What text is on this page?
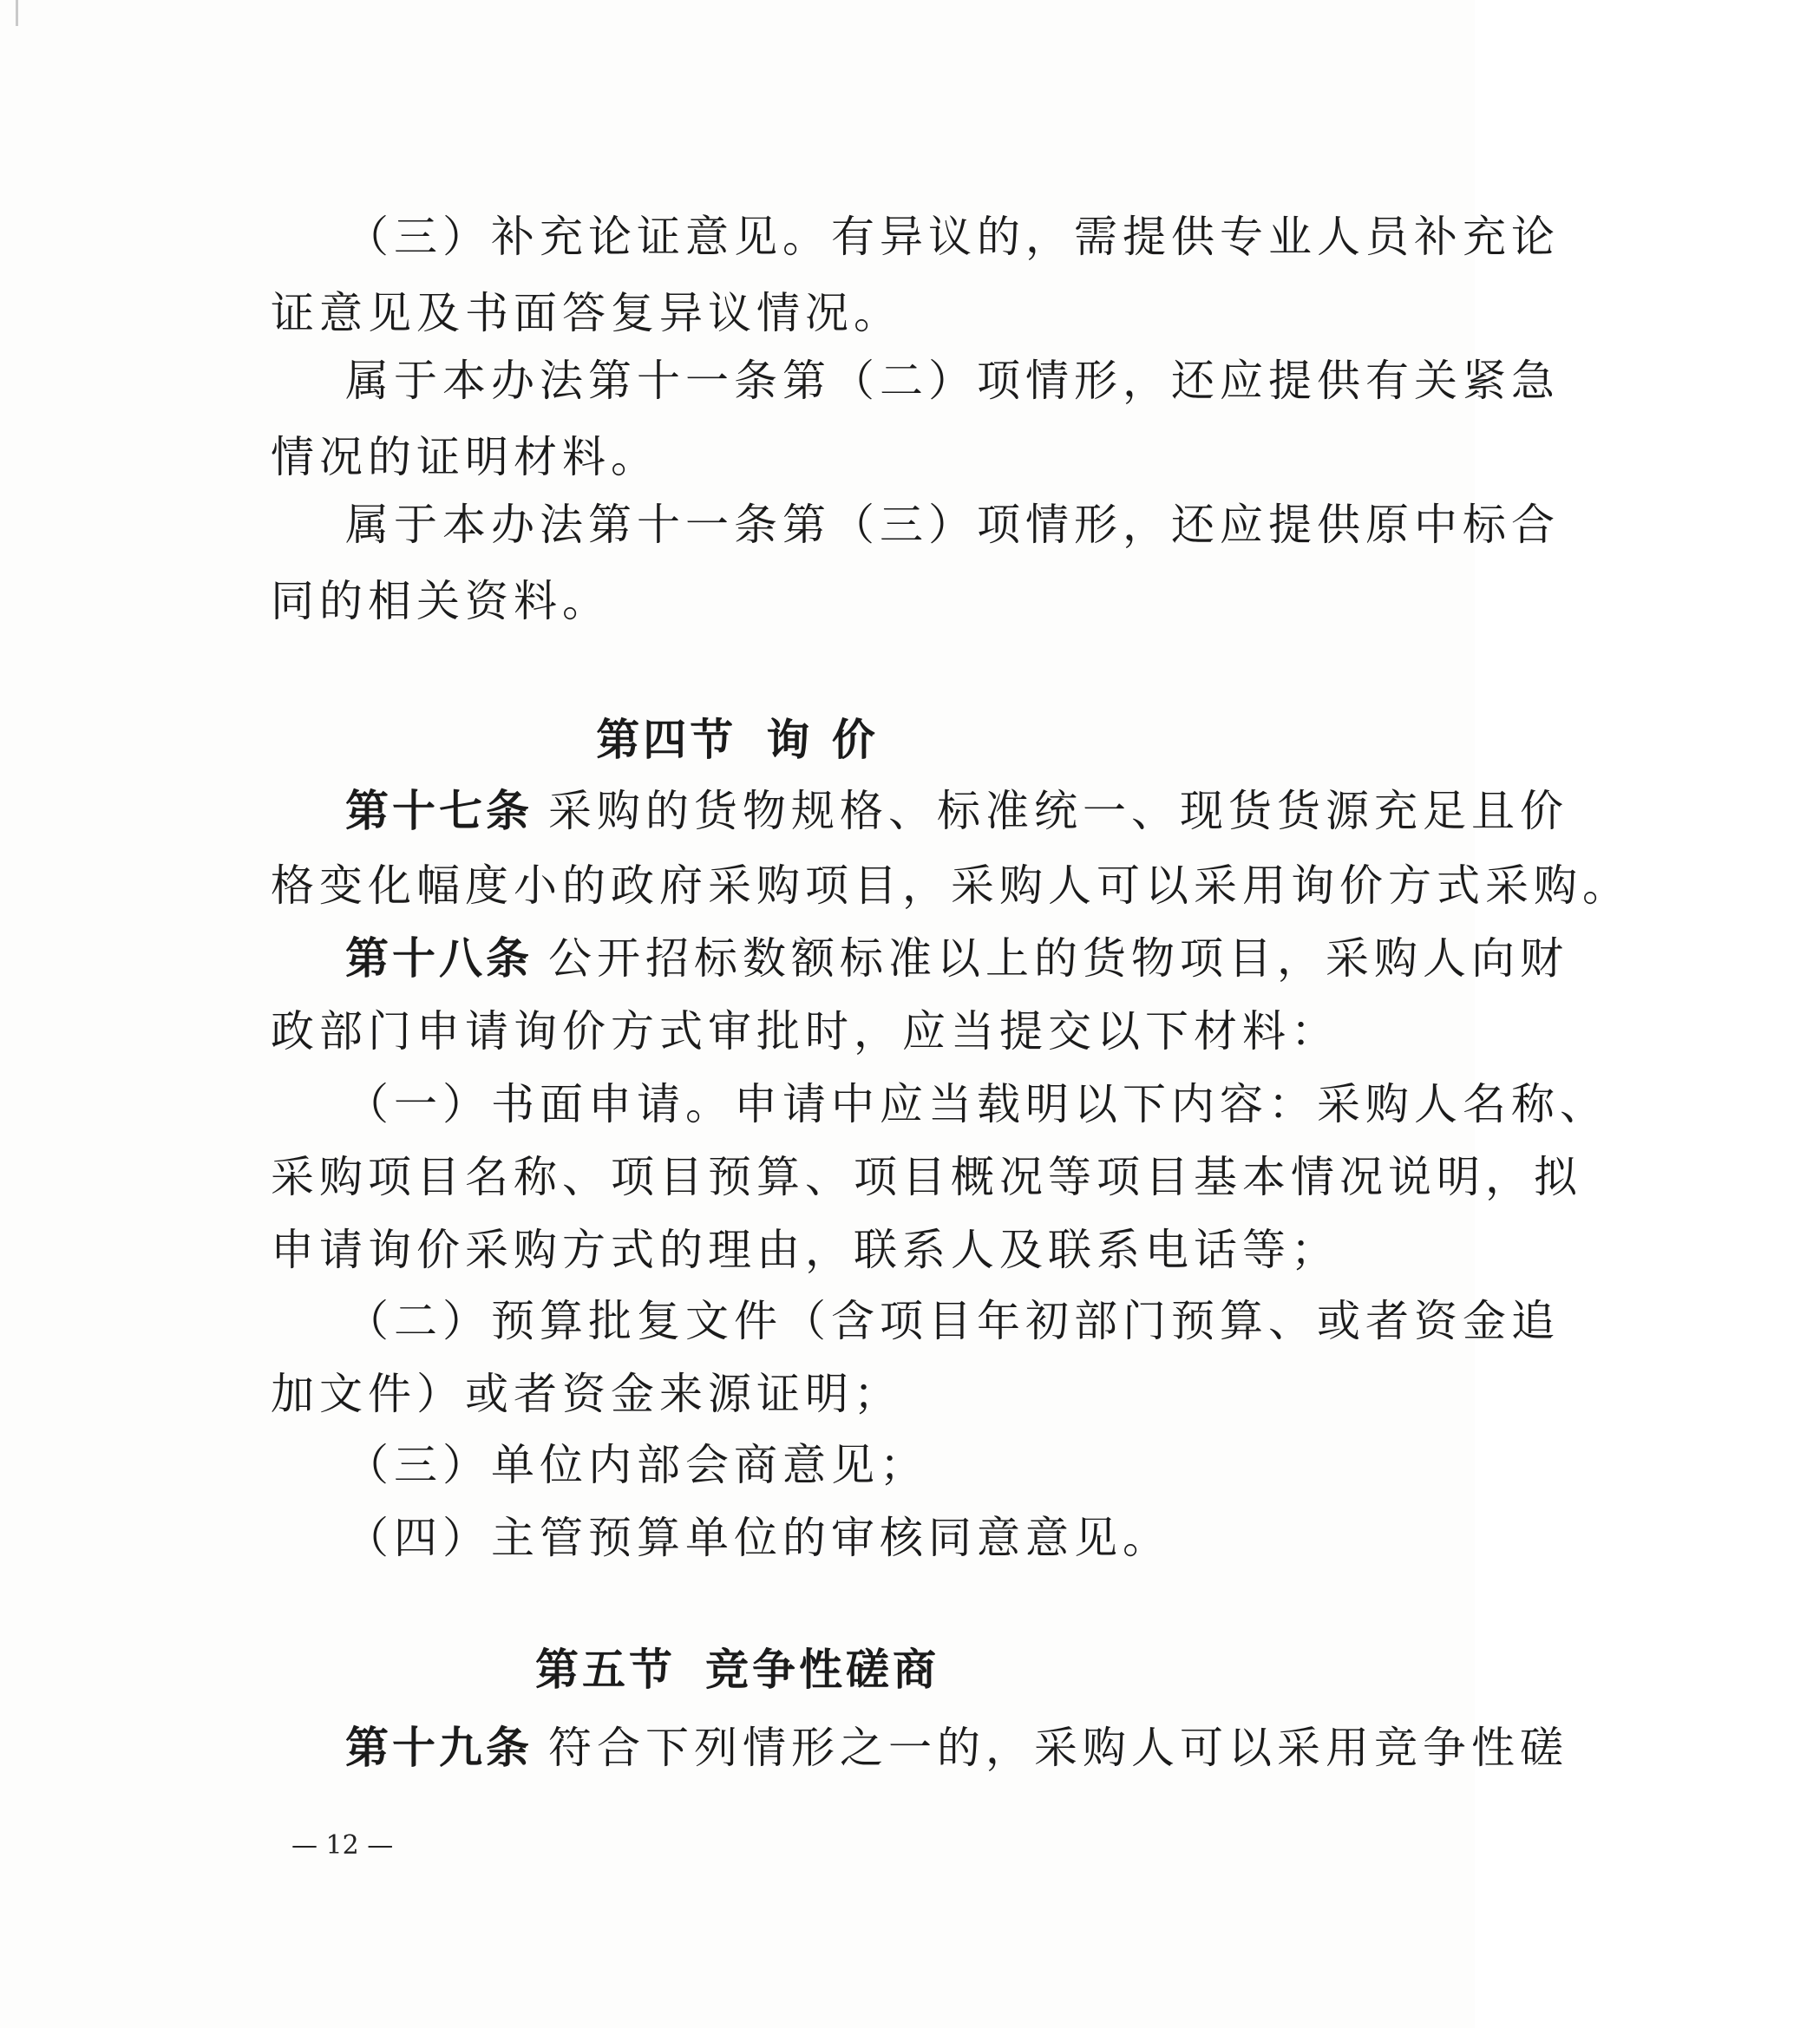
（三）补充论证意见。有异议的，需提供专业人员补充论
证意见及书面答复异议情况。
属于本办法第十一条第（二）项情形，还应提供有关紧急
情况的证明材料。
属于本办法第十一条第（三）项情形，还应提供原中标合
同的相关资料。
第四节 询 价
第十七条 采购的货物规格、标准统一、现货货源充足且价
格变化幅度小的政府采购项目，采购人可以采用询价方式采购。
第十八条 公开招标数额标准以上的货物项目，采购人向财
政部门申请询价方式审批时，应当提交以下材料：
（一）书面申请。申请中应当载明以下内容：采购人名称、
采购项目名称、项目预算、项目概况等项目基本情况说明，拟
申请询价采购方式的理由，联系人及联系电话等；
（二）预算批复文件（含项目年初部门预算、或者资金追
加文件）或者资金来源证明；
（三）单位内部会商意见；
（四）主管预算单位的审核同意意见。
第五节 竞争性磋商
第十九条 符合下列情形之一的，采购人可以采用竞争性磋
— 12 —
